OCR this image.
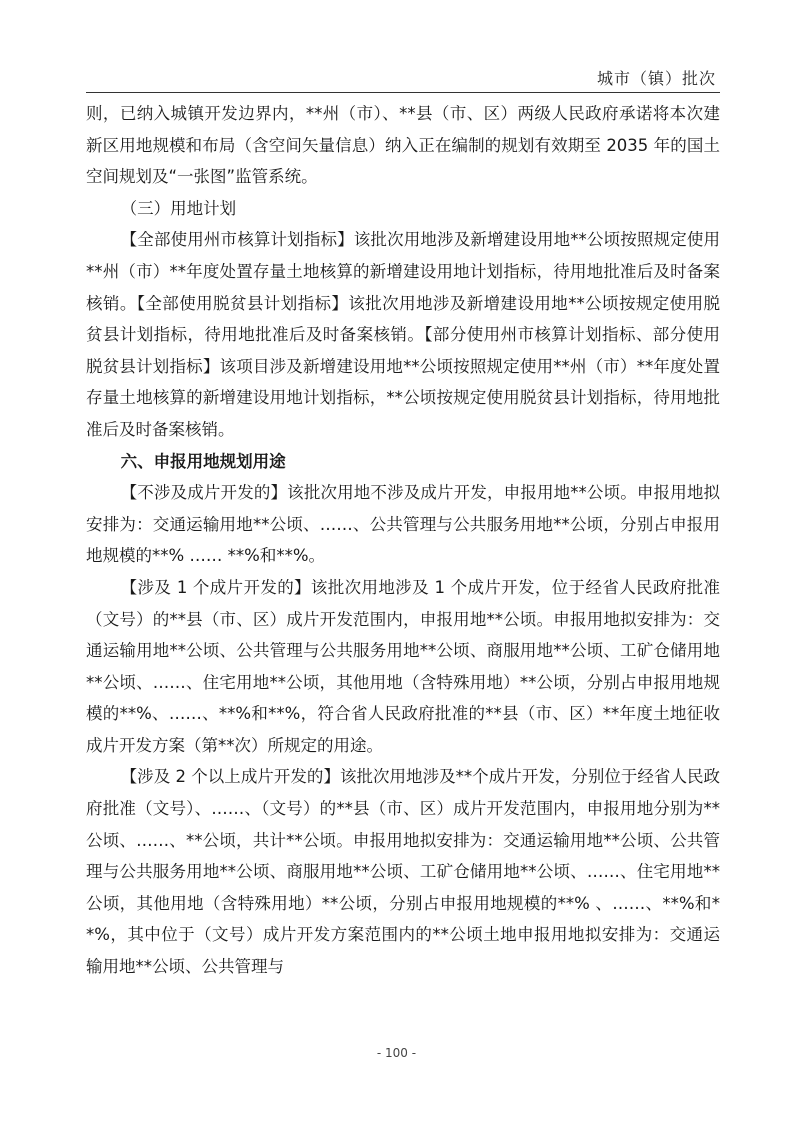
城市（镇）批次

则，已纳入城镇开发边界内，**州（市）、**县（市、区）两级人民政府承诺将本次建新区用地规模和布局（含空间矢量信息）纳入正在编制的规划有效期至 2035 年的国土空间规划及“一张图”监管系统。

（三）用地计划

【全部使用州市核算计划指标】该批次用地涉及新增建设用地**公顷按照规定使用**州（市）**年度处置存量土地核算的新增建设用地计划指标，待用地批准后及时备案核销。【全部使用脱贫县计划指标】该批次用地涉及新增建设用地**公顷按规定使用脱贫县计划指标，待用地批准后及时备案核销。【部分使用州市核算计划指标、部分使用脱贫县计划指标】该项目涉及新增建设用地**公顷按照规定使用**州（市）**年度处置存量土地核算的新增建设用地计划指标，**公顷按规定使用脱贫县计划指标，待用地批准后及时备案核销。

六、申报用地规划用途

【不涉及成片开发的】该批次用地不涉及成片开发，申报用地**公顷。申报用地拟安排为：交通运输用地**公顷、……、公共管理与公共服务用地**公顷，分别占申报用地规模的**% …… **%和**%。

【涉及 1 个成片开发的】该批次用地涉及 1 个成片开发，位于经省人民政府批准（文号）的**县（市、区）成片开发范围内，申报用地**公顷。申报用地拟安排为：交通运输用地**公顷、公共管理与公共服务用地**公顷、商服用地**公顷、工矿仓储用地**公顷、……、住宅用地**公顷，其他用地（含特殊用地）**公顷，分别占申报用地规模的**%、……、**%和**%，符合省人民政府批准的**县（市、区）**年度土地征收成片开发方案（第**次）所规定的用途。

【涉及 2 个以上成片开发的】该批次用地涉及**个成片开发，分别位于经省人民政府批准（文号）、……、（文号）的**县（市、区）成片开发范围内，申报用地分别为**公顷、……、**公顷，共计**公顷。申报用地拟安排为：交通运输用地**公顷、公共管理与公共服务用地**公顷、商服用地**公顷、工矿仓储用地**公顷、……、住宅用地**公顷，其他用地（含特殊用地）**公顷，分别占申报用地规模的**% 、……、**%和**%，其中位于（文号）成片开发方案范围内的**公顷土地申报用地拟安排为：交通运输用地**公顷、公共管理与

- 100 -
